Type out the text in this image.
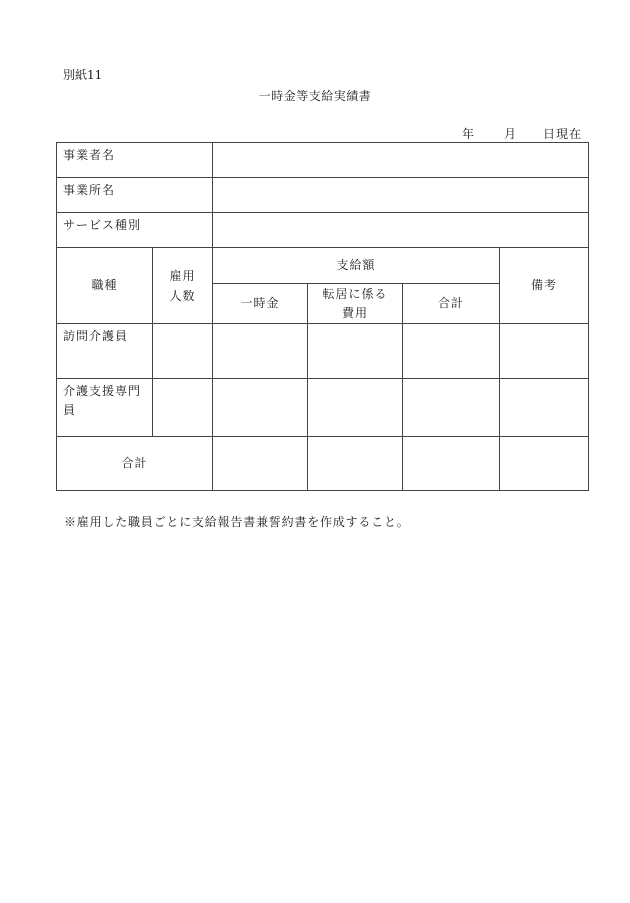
別紙11
一時金等支給実績書
年 月 日現在
事業者名					
事業所名					
サービス種別					
職種	雇用人数	支給額			備考
		一時金	転居に係る費用	合計	
訪問介護員					

介護支援専門員					

合計					
※雇用した職員ごとに支給報告書兼誓約書を作成すること。
